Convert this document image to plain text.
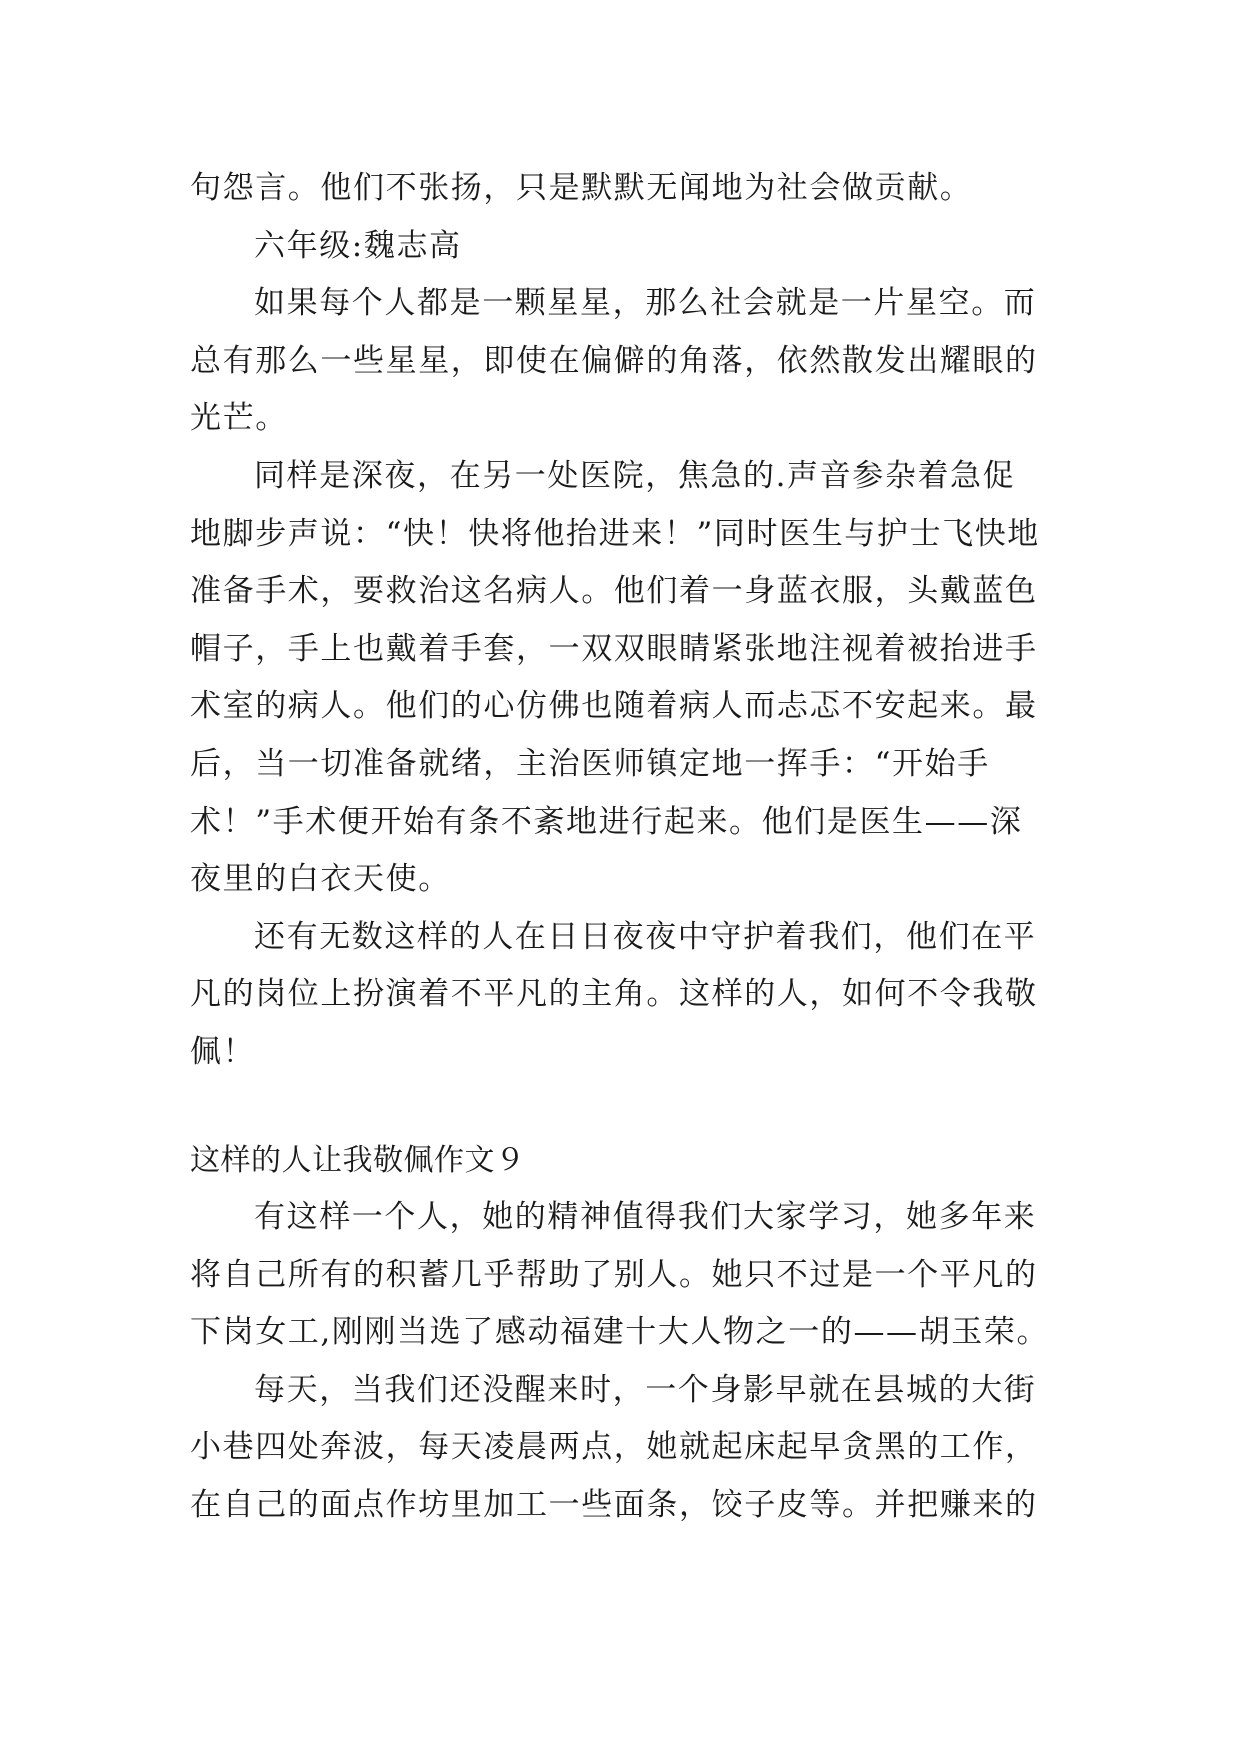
句怨言。他们不张扬，只是默默无闻地为社会做贡献。
六年级:魏志高
如果每个人都是一颗星星，那么社会就是一片星空。而
总有那么一些星星，即使在偏僻的角落，依然散发出耀眼的
光芒。
同样是深夜，在另一处医院，焦急的.声音参杂着急促
地脚步声说：“快！快将他抬进来！”同时医生与护士飞快地
准备手术，要救治这名病人。他们着一身蓝衣服，头戴蓝色
帽子，手上也戴着手套，一双双眼睛紧张地注视着被抬进手
术室的病人。他们的心仿佛也随着病人而忐忑不安起来。最
后，当一切准备就绪，主治医师镇定地一挥手：“开始手
术！”手术便开始有条不紊地进行起来。他们是医生——深
夜里的白衣天使。
还有无数这样的人在日日夜夜中守护着我们，他们在平
凡的岗位上扮演着不平凡的主角。这样的人，如何不令我敬
佩！
这样的人让我敬佩作文９
有这样一个人，她的精神值得我们大家学习，她多年来
将自己所有的积蓄几乎帮助了别人。她只不过是一个平凡的
下岗女工,刚刚当选了感动福建十大人物之一的——胡玉荣。
每天，当我们还没醒来时，一个身影早就在县城的大街
小巷四处奔波，每天凌晨两点，她就起床起早贪黑的工作，
在自己的面点作坊里加工一些面条，饺子皮等。并把赚来的
